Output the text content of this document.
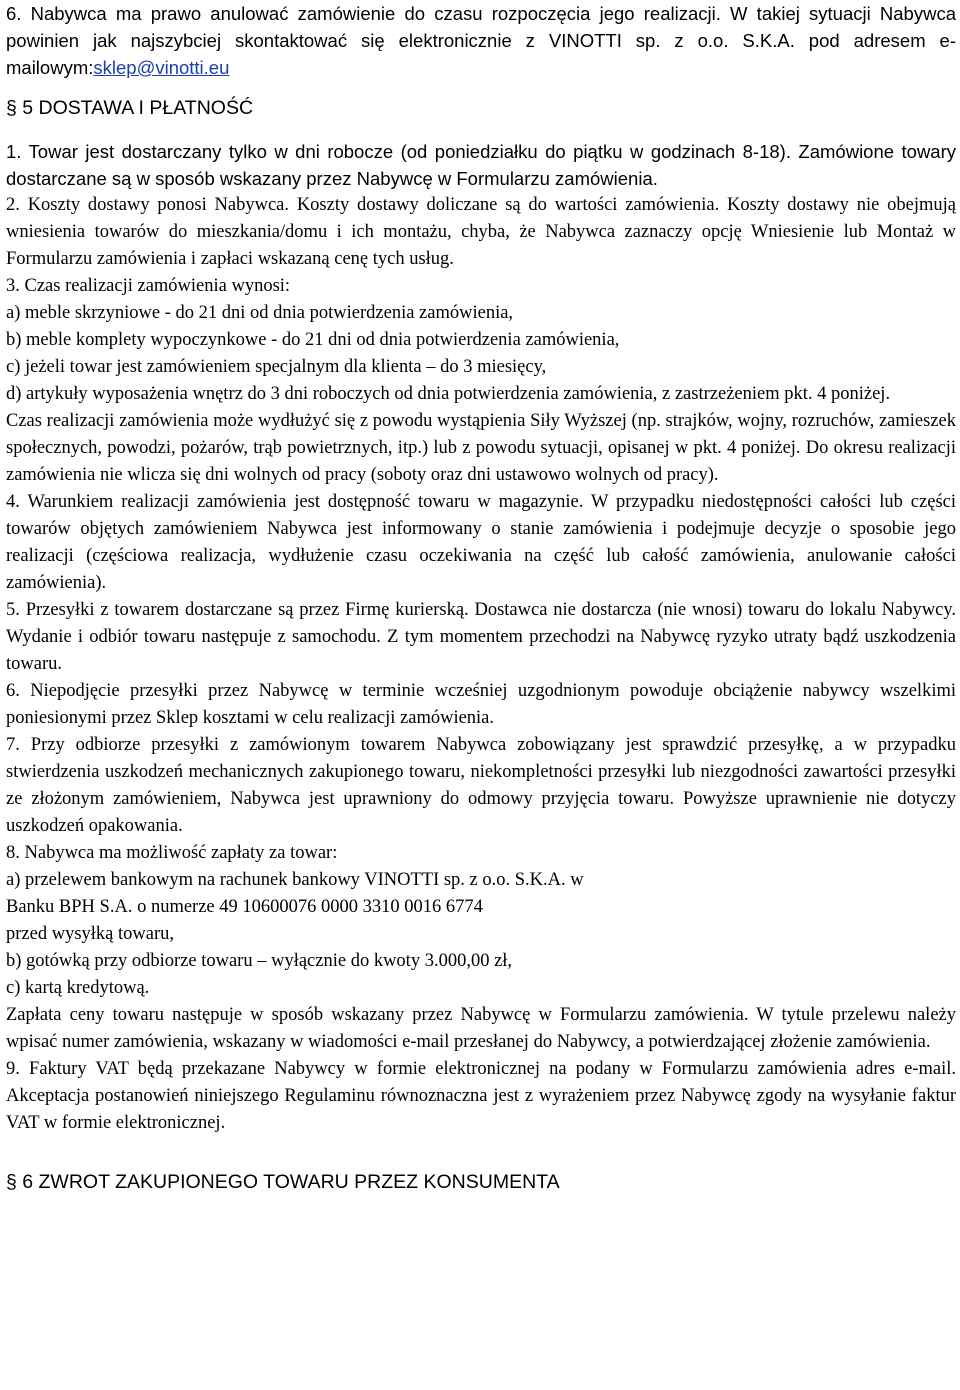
6. Nabywca ma prawo anulować zamówienie do czasu rozpoczęcia jego realizacji. W takiej sytuacji Nabywca powinien jak najszybciej skontaktować się elektronicznie z VINOTTI sp. z o.o. S.K.A. pod adresem e-mailowym:sklep@vinotti.eu

§ 5 DOSTAWA I PŁATNOŚĆ

1. Towar jest dostarczany tylko w dni robocze (od poniedziałku do piątku w godzinach 8-18). Zamówione towary dostarczane są w sposób wskazany przez Nabywcę w Formularzu zamówienia.

2. Koszty dostawy ponosi Nabywca. Koszty dostawy doliczane są do wartości zamówienia. Koszty dostawy nie obejmują wniesienia towarów do mieszkania/domu i ich montażu, chyba, że Nabywca zaznaczy opcję Wniesienie lub Montaż w Formularzu zamówienia i zapłaci wskazaną cenę tych usług.

3. Czas realizacji zamówienia wynosi:

a) meble skrzyniowe - do 21 dni od dnia potwierdzenia zamówienia,

b) meble komplety wypoczynkowe - do 21 dni od dnia potwierdzenia zamówienia,

c) jeżeli towar jest zamówieniem specjalnym dla klienta – do 3 miesięcy,

d) artykuły wyposażenia wnętrz do 3 dni roboczych od dnia potwierdzenia zamówienia, z zastrzeżeniem pkt. 4 poniżej.

Czas realizacji zamówienia może wydłużyć się z powodu wystąpienia Siły Wyższej (np. strajków, wojny, rozruchów, zamieszek społecznych, powodzi, pożarów, trąb powietrznych, itp.) lub z powodu sytuacji, opisanej w pkt. 4 poniżej. Do okresu realizacji zamówienia nie wlicza się dni wolnych od pracy (soboty oraz dni ustawowo wolnych od pracy).

4. Warunkiem realizacji zamówienia jest dostępność towaru w magazynie. W przypadku niedostępności całości lub części towarów objętych zamówieniem Nabywca jest informowany o stanie zamówienia i podejmuje decyzje o sposobie jego realizacji (częściowa realizacja, wydłużenie czasu oczekiwania na część lub całość zamówienia, anulowanie całości zamówienia).

5. Przesyłki z towarem dostarczane są przez Firmę kurierską. Dostawca nie dostarcza (nie wnosi) towaru do lokalu Nabywcy. Wydanie i odbiór towaru następuje z samochodu. Z tym momentem przechodzi na Nabywcę ryzyko utraty bądź uszkodzenia towaru.

6. Niepodjęcie przesyłki przez Nabywcę w terminie wcześniej uzgodnionym powoduje obciążenie nabywcy wszelkimi poniesionymi przez Sklep kosztami w celu realizacji zamówienia.

7. Przy odbiorze przesyłki z zamówionym towarem Nabywca zobowiązany jest sprawdzić przesyłkę, a w przypadku stwierdzenia uszkodzeń mechanicznych zakupionego towaru, niekompletności przesyłki lub niezgodności zawartości przesyłki ze złożonym zamówieniem, Nabywca jest uprawniony do odmowy przyjęcia towaru. Powyższe uprawnienie nie dotyczy uszkodzeń opakowania.

8. Nabywca ma możliwość zapłaty za towar:

a) przelewem bankowym na rachunek bankowy VINOTTI sp. z o.o. S.K.A. w

Banku BPH S.A. o numerze 49 10600076 0000 3310 0016 6774

przed wysyłką towaru,

b) gotówką przy odbiorze towaru – wyłącznie do kwoty 3.000,00 zł,

c) kartą kredytową.

Zapłata ceny towaru następuje w sposób wskazany przez Nabywcę w Formularzu zamówienia. W tytule przelewu należy wpisać numer zamówienia, wskazany w wiadomości e-mail przesłanej do Nabywcy, a potwierdzającej złożenie zamówienia.

9. Faktury VAT będą przekazane Nabywcy w formie elektronicznej na podany w Formularzu zamówienia adres e-mail. Akceptacja postanowień niniejszego Regulaminu równoznaczna jest z wyrażeniem przez Nabywcę zgody na wysyłanie faktur VAT w formie elektronicznej.

§ 6 ZWROT ZAKUPIONEGO TOWARU PRZEZ KONSUMENTA
